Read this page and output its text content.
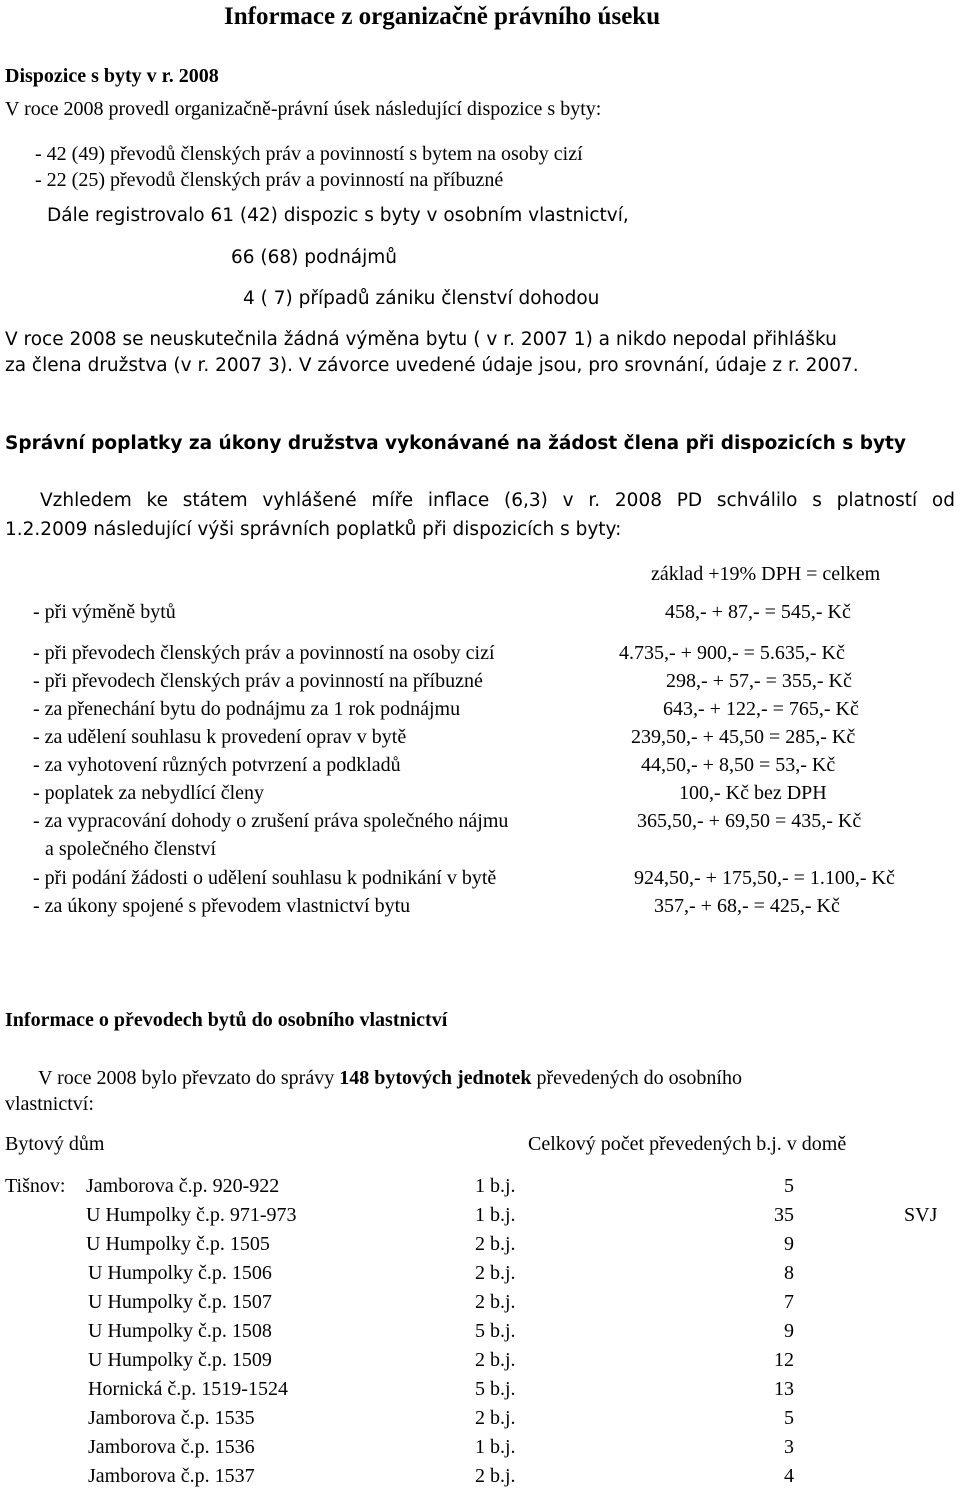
Informace z organizačně právního úseku
Dispozice s byty v r. 2008
V roce 2008 provedl organizačně-právní úsek následující dispozice s byty:
- 42 (49) převodů členských práv a povinností s bytem na osoby cizí
- 22 (25) převodů členských práv a povinností na příbuzné
Dále registrovalo 61 (42) dispozic s byty v osobním vlastnictví,
66 (68) podnájmů
4 ( 7) případů zániku členství dohodou
V roce 2008 se neuskutečnila žádná výměna bytu ( v r. 2007 1) a nikdo nepodal přihlášku
za člena družstva (v r. 2007 3). V závorce uvedené údaje jsou, pro srovnání, údaje z r. 2007.
Správní poplatky za úkony družstva vykonávané na žádost člena při dispozicích s byty
Vzhledem ke státem vyhlášené míře inflace (6,3) v r. 2008 PD schválilo s platností od
1.2.2009 následující výši správních poplatků při dispozicích s byty:
základ +19% DPH = celkem
- při výměně bytů	458,- + 87,- = 545,- Kč
- při převodech členských práv a povinností na osoby cizí	4.735,- + 900,- = 5.635,- Kč
- při převodech členských práv a povinností na příbuzné	298,- + 57,- = 355,- Kč
- za přenechání bytu do podnájmu za 1 rok podnájmu	643,- + 122,- = 765,- Kč
- za udělení souhlasu k provedení oprav v bytě	239,50,- + 45,50 = 285,- Kč
- za vyhotovení různých potvrzení a podkladů	44,50,- + 8,50 = 53,- Kč
- poplatek za nebydlící členy	100,- Kč bez DPH
- za vypracování dohody o zrušení práva společného nájmu	365,50,- + 69,50 = 435,- Kč
a společného členství
- při podání žádosti o udělení souhlasu k podnikání v bytě	924,50,- + 175,50,- = 1.100,- Kč
- za úkony spojené s převodem vlastnictví bytu	357,- + 68,- = 425,- Kč
Informace o převodech bytů do osobního vlastnictví
V roce 2008 bylo převzato do správy 148 bytových jednotek převedených do osobního
vlastnictví:
Bytový dům	Celkový počet převedených b.j. v domě
Tišnov: Jamborova č.p. 920-922	1 b.j.	5
U Humpolky č.p. 971-973	1 b.j.	35	SVJ
U Humpolky č.p. 1505	2 b.j.	9
U Humpolky č.p. 1506	2 b.j.	8
U Humpolky č.p. 1507	2 b.j.	7
U Humpolky č.p. 1508	5 b.j.	9
U Humpolky č.p. 1509	2 b.j.	12
Hornická č.p. 1519-1524	5 b.j.	13
Jamborova č.p. 1535	2 b.j.	5
Jamborova č.p. 1536	1 b.j.	3
Jamborova č.p. 1537	2 b.j.	4
